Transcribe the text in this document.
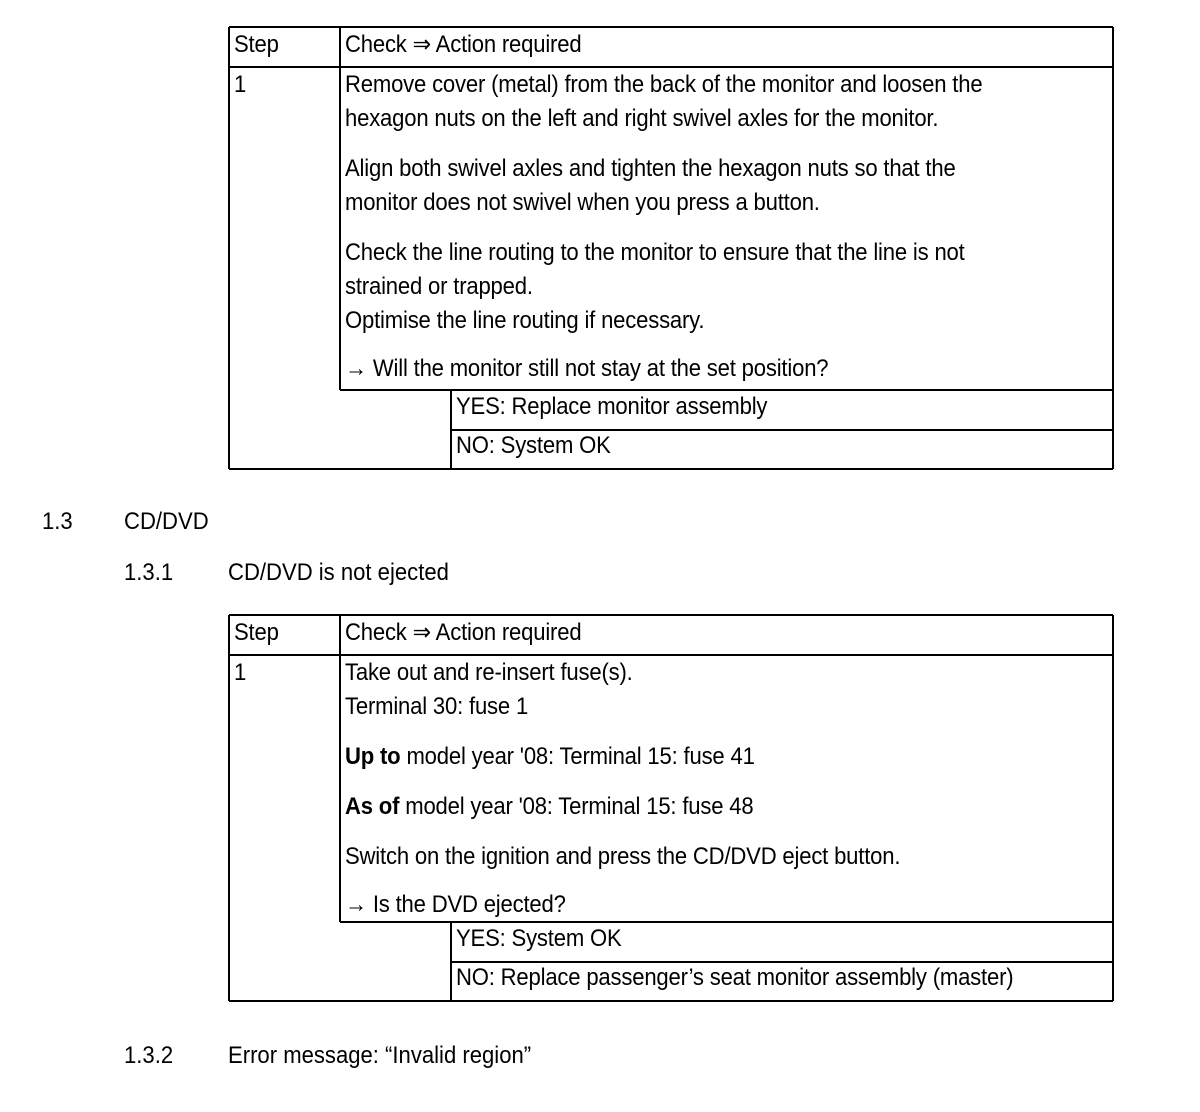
Step	Check ⇒ Action required
1	Remove cover (metal) from the back of the monitor and loosen the
hexagon nuts on the left and right swivel axles for the monitor.
Align both swivel axles and tighten the hexagon nuts so that the
monitor does not swivel when you press a button.
Check the line routing to the monitor to ensure that the line is not
strained or trapped.
Optimise the line routing if necessary.
→ Will the monitor still not stay at the set position?
YES: Replace monitor assembly
NO: System OK
1.3 CD/DVD
1.3.1 CD/DVD is not ejected
Step	Check ⇒ Action required
1	Take out and re-insert fuse(s).
Terminal 30: fuse 1
Up to model year '08: Terminal 15: fuse 41
As of model year '08: Terminal 15: fuse 48
Switch on the ignition and press the CD/DVD eject button.
→ Is the DVD ejected?
YES: System OK
NO: Replace passenger’s seat monitor assembly (master)
1.3.2 Error message: “Invalid region”
